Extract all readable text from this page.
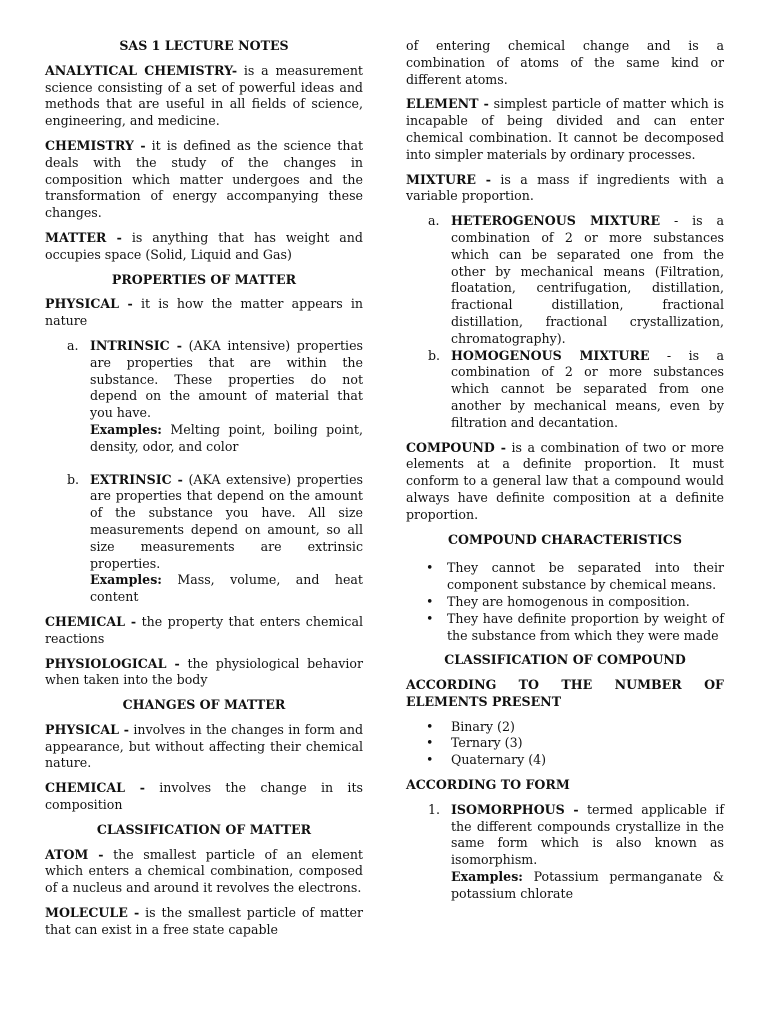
SAS 1 LECTURE NOTES

ANALYTICAL CHEMISTRY- is a measurement science consisting of a set of powerful ideas and methods that are useful in all fields of science, engineering, and medicine.

CHEMISTRY - it is defined as the science that deals with the study of the changes in composition which matter undergoes and the transformation of energy accompanying these changes.

MATTER - is anything that has weight and occupies space (Solid, Liquid and Gas)

PROPERTIES OF MATTER

PHYSICAL - it is how the matter appears in nature

a. INTRINSIC - (AKA intensive) properties are properties that are within the substance. These properties do not depend on the amount of material that you have.
Examples: Melting point, boiling point, density, odor, and color
b. EXTRINSIC - (AKA extensive) properties are properties that depend on the amount of the substance you have. All size measurements depend on amount, so all size measurements are extrinsic properties.
Examples: Mass, volume, and heat content

CHEMICAL - the property that enters chemical reactions

PHYSIOLOGICAL - the physiological behavior when taken into the body

CHANGES OF MATTER

PHYSICAL - involves in the changes in form and appearance, but without affecting their chemical nature.

CHEMICAL - involves the change in its composition

CLASSIFICATION OF MATTER

ATOM - the smallest particle of an element which enters a chemical combination, composed of a nucleus and around it revolves the electrons.

MOLECULE - is the smallest particle of matter that can exist in a free state capable

of entering chemical change and is a combination of atoms of the same kind or different atoms.

ELEMENT - simplest particle of matter which is incapable of being divided and can enter chemical combination. It cannot be decomposed into simpler materials by ordinary processes.

MIXTURE - is a mass if ingredients with a variable proportion.

a. HETEROGENOUS MIXTURE - is a combination of 2 or more substances which can be separated one from the other by mechanical means (Filtration, floatation, centrifugation, distillation, fractional distillation, fractional distillation, fractional crystallization, chromatography).
b. HOMOGENOUS MIXTURE - is a combination of 2 or more substances which cannot be separated from one another by mechanical means, even by filtration and decantation.

COMPOUND - is a combination of two or more elements at a definite proportion. It must conform to a general law that a compound would always have definite composition at a definite proportion.

COMPOUND CHARACTERISTICS
• They cannot be separated into their component substance by chemical means.
• They are homogenous in composition.
• They have definite proportion by weight of the substance from which they were made
CLASSIFICATION OF COMPOUND
ACCORDING TO THE NUMBER OF ELEMENTS PRESENT
• Binary (2)
• Ternary (3)
• Quaternary (4)
ACCORDING TO FORM
1. ISOMORPHOUS - termed applicable if the different compounds crystallize in the same form which is also known as isomorphism.
Examples: Potassium permanganate & potassium chlorate
